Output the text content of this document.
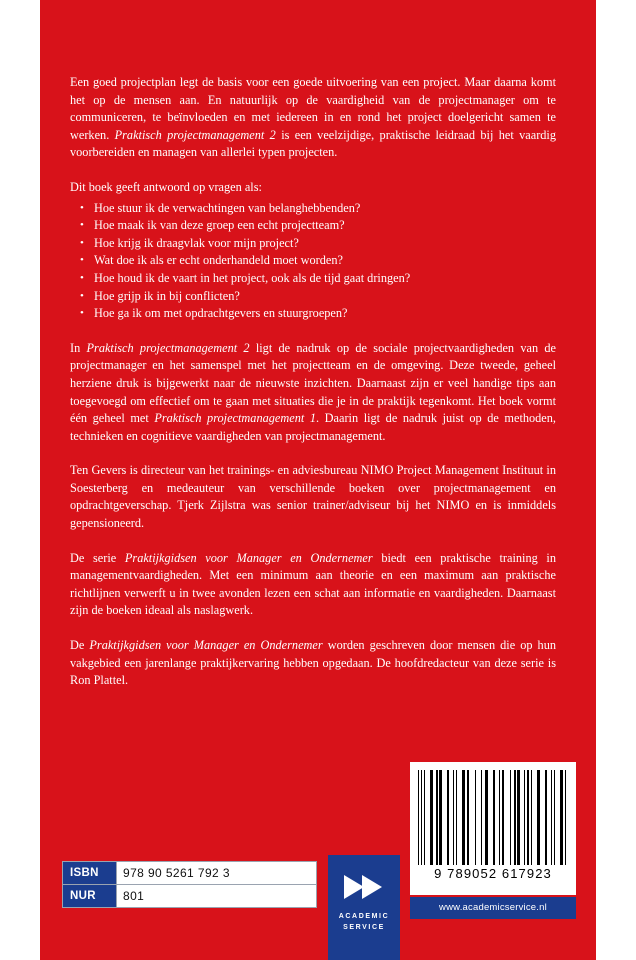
Een goed projectplan legt de basis voor een goede uitvoering van een project. Maar daarna komt het op de mensen aan. En natuurlijk op de vaardigheid van de projectmanager om te communiceren, te beïnvloeden en met iedereen in en rond het project doelgericht samen te werken. Praktisch projectmanagement 2 is een veelzijdige, praktische leidraad bij het vaardig voorbereiden en managen van allerlei typen projecten.

Dit boek geeft antwoord op vragen als:

• Hoe stuur ik de verwachtingen van belanghebbenden?
• Hoe maak ik van deze groep een echt projectteam?
• Hoe krijg ik draagvlak voor mijn project?
• Wat doe ik als er echt onderhandeld moet worden?
• Hoe houd ik de vaart in het project, ook als de tijd gaat dringen?
• Hoe grijp ik in bij conflicten?
• Hoe ga ik om met opdrachtgevers en stuurgroepen?

In Praktisch projectmanagement 2 ligt de nadruk op de sociale projectvaardigheden van de projectmanager en het samenspel met het projectteam en de omgeving. Deze tweede, geheel herziene druk is bijgewerkt naar de nieuwste inzichten. Daarnaast zijn er veel handige tips aan toegevoegd om effectief om te gaan met situaties die je in de praktijk tegenkomt. Het boek vormt één geheel met Praktisch projectmanagement 1. Daarin ligt de nadruk juist op de methoden, technieken en cognitieve vaardigheden van projectmanagement.

Ten Gevers is directeur van het trainings- en adviesbureau NIMO Project Management Instituut in Soesterberg en medeauteur van verschillende boeken over projectmanagement en opdrachtgeverschap. Tjerk Zijlstra was senior trainer/adviseur bij het NIMO en is inmiddels gepensioneerd.

De serie Praktijkgidsen voor Manager en Ondernemer biedt een praktische training in managementvaardigheden. Met een minimum aan theorie en een maximum aan praktische richtlijnen verwerft u in twee avonden lezen een schat aan informatie en vaardigheden. Daarnaast zijn de boeken ideaal als naslagwerk.

De Praktijkgidsen voor Manager en Ondernemer worden geschreven door mensen die op hun vakgebied een jarenlange praktijkervaring hebben opgedaan. De hoofdredacteur van deze serie is Ron Plattel.

9 789052 617923
ISBN	978 90 5261 792 3
NUR	801
ACADEMIC
SERVICE
www.academicservice.nl
